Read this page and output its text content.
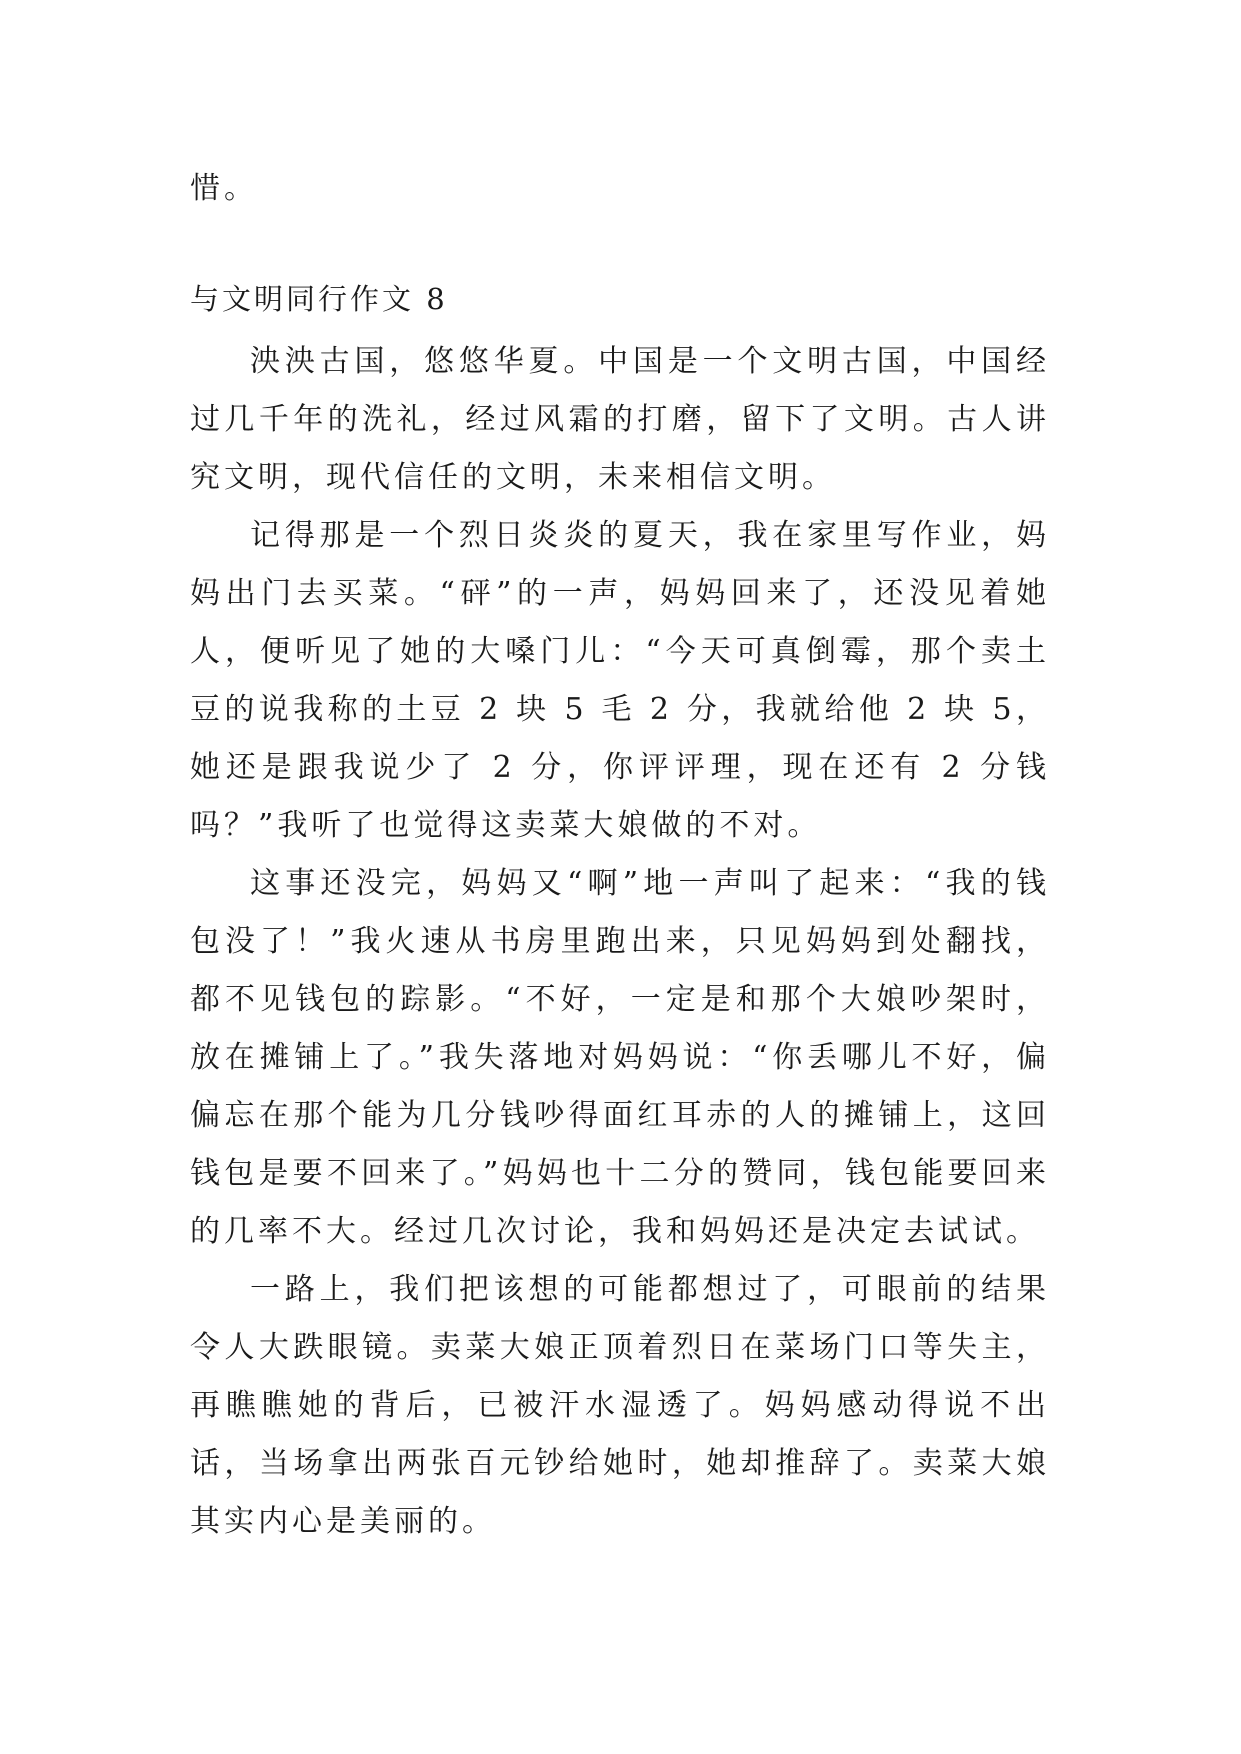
惜。
与文明同行作文 8

泱泱古国，悠悠华夏。中国是一个文明古国，中国经过几千年的洗礼，经过风霜的打磨，留下了文明。古人讲究文明，现代信任的文明，未来相信文明。

记得那是一个烈日炎炎的夏天，我在家里写作业，妈妈出门去买菜。“砰”的一声，妈妈回来了，还没见着她人，便听见了她的大嗓门儿：“今天可真倒霉，那个卖土豆的说我称的土豆 2 块 5 毛 2 分，我就给他 2 块 5，她还是跟我说少了 2 分，你评评理，现在还有 2 分钱吗？”我听了也觉得这卖菜大娘做的不对。

这事还没完，妈妈又“啊”地一声叫了起来：“我的钱包没了！”我火速从书房里跑出来，只见妈妈到处翻找，都不见钱包的踪影。“不好，一定是和那个大娘吵架时，放在摊铺上了。”我失落地对妈妈说：“你丢哪儿不好，偏偏忘在那个能为几分钱吵得面红耳赤的人的摊铺上，这回钱包是要不回来了。”妈妈也十二分的赞同，钱包能要回来的几率不大。经过几次讨论，我和妈妈还是决定去试试。

一路上，我们把该想的可能都想过了，可眼前的结果令人大跌眼镜。卖菜大娘正顶着烈日在菜场门口等失主，再瞧瞧她的背后，已被汗水湿透了。妈妈感动得说不出话，当场拿出两张百元钞给她时，她却推辞了。卖菜大娘其实内心是美丽的。
